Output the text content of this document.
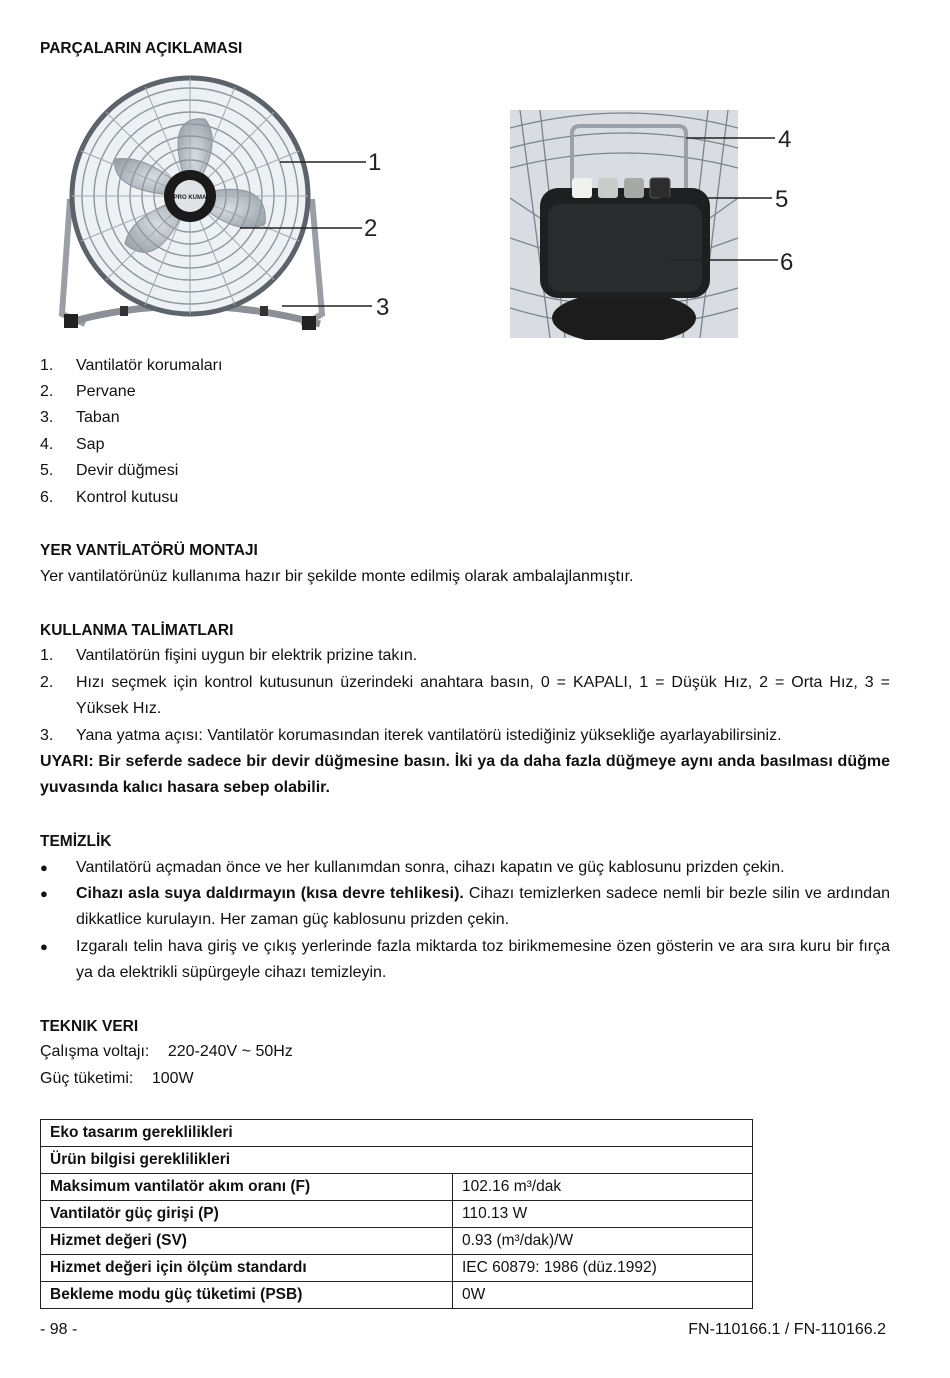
PARÇALARIN AÇIKLAMASI
PRO KUMA
1
2
3
4
5
6
1. Vantilatör korumaları
2. Pervane
3. Taban
4. Sap
5. Devir düğmesi
6. Kontrol kutusu
YER VANTİLATÖRÜ MONTAJI
Yer vantilatörünüz kullanıma hazır bir şekilde monte edilmiş olarak ambalajlanmıştır.
KULLANMA TALİMATLARI
1. Vantilatörün fişini uygun bir elektrik prizine takın.
2. Hızı seçmek için kontrol kutusunun üzerindeki anahtara basın, 0 = KAPALI, 1 = Düşük Hız, 2 = Orta Hız, 3 = Yüksek Hız.
3. Yana yatma açısı: Vantilatör korumasından iterek vantilatörü istediğiniz yüksekliğe ayarlayabilirsiniz.
UYARI: Bir seferde sadece bir devir düğmesine basın. İki ya da daha fazla düğmeye aynı anda basılması düğme yuvasında kalıcı hasara sebep olabilir.
TEMİZLİK
● Vantilatörü açmadan önce ve her kullanımdan sonra, cihazı kapatın ve güç kablosunu prizden çekin.
● Cihazı asla suya daldırmayın (kısa devre tehlikesi). Cihazı temizlerken sadece nemli bir bezle silin ve ardından dikkatlice kurulayın. Her zaman güç kablosunu prizden çekin.
● Izgaralı telin hava giriş ve çıkış yerlerinde fazla miktarda toz birikmemesine özen gösterin ve ara sıra kuru bir fırça ya da elektrikli süpürgeyle cihazı temizleyin.
TEKNIK VERI
Çalışma voltajı: 220-240V ~ 50Hz
Güç tüketimi: 100W
Eko tasarım gereklilikleri	
Ürün bilgisi gereklilikleri	
Maksimum vantilatör akım oranı (F)	102.16 m³/dak
Vantilatör güç girişi (P)	110.13 W
Hizmet değeri (SV)	0.93 (m³/dak)/W
Hizmet değeri için ölçüm standardı	IEC 60879: 1986 (düz.1992)
Bekleme modu güç tüketimi (PSB)	0W
- 98 -	FN-110166.1 / FN-110166.2
